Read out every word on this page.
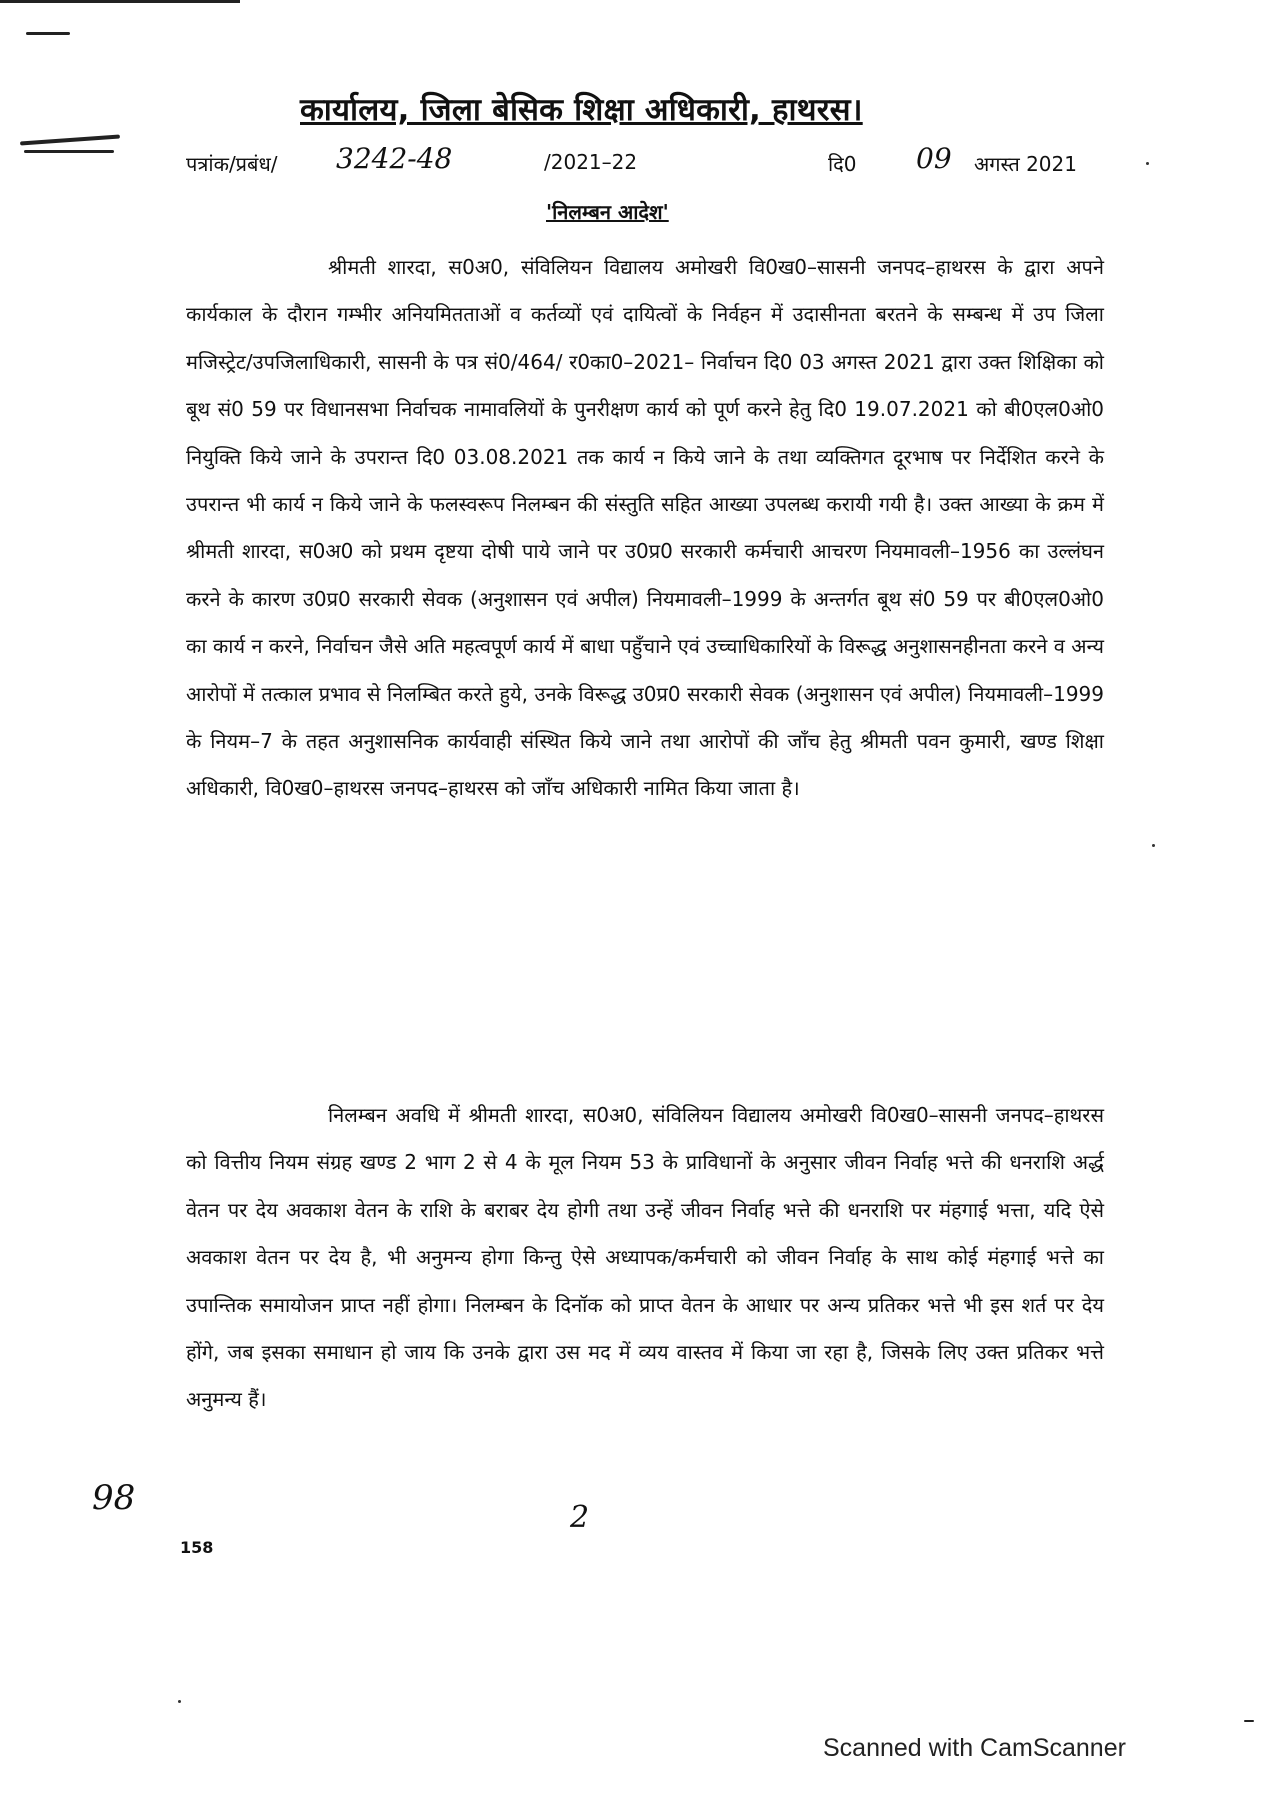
कार्यालय, जिला बेसिक शिक्षा अधिकारी, हाथरस।
पत्रांक/प्रबंध/ 3242-48	/2021–22	दि0 09 अगस्त 2021
'निलम्बन आदेश'

श्रीमती शारदा, स0अ0, संविलियन विद्यालय अमोखरी वि0ख0–सासनी जनपद–हाथरस के द्वारा अपने कार्यकाल के दौरान गम्भीर अनियमितताओं व कर्तव्यों एवं दायित्वों के निर्वहन में उदासीनता बरतने के सम्बन्ध में उप जिला मजिस्ट्रेट/उपजिलाधिकारी, सासनी के पत्र सं0/464/ र0का0–2021– निर्वाचन दि0 03 अगस्त 2021 द्वारा उक्त शिक्षिका को बूथ सं0 59 पर विधानसभा निर्वाचक नामावलियों के पुनरीक्षण कार्य को पूर्ण करने हेतु दि0 19.07.2021 को बी0एल0ओ0 नियुक्ति किये जाने के उपरान्त दि0 03.08.2021 तक कार्य न किये जाने के तथा व्यक्तिगत दूरभाष पर निर्देशित करने के उपरान्त भी कार्य न किये जाने के फलस्वरूप निलम्बन की संस्तुति सहित आख्या उपलब्ध करायी गयी है। उक्त आख्या के क्रम में श्रीमती शारदा, स0अ0 को प्रथम दृष्टया दोषी पाये जाने पर उ0प्र0 सरकारी कर्मचारी आचरण नियमावली–1956 का उल्लंघन करने के कारण उ0प्र0 सरकारी सेवक (अनुशासन एवं अपील) नियमावली–1999 के अन्तर्गत बूथ सं0 59 पर बी0एल0ओ0 का कार्य न करने, निर्वाचन जैसे अति महत्वपूर्ण कार्य में बाधा पहुँचाने एवं उच्चाधिकारियों के विरूद्ध अनुशासनहीनता करने व अन्य आरोपों में तत्काल प्रभाव से निलम्बित करते हुये, उनके विरूद्ध उ0प्र0 सरकारी सेवक (अनुशासन एवं अपील) नियमावली–1999 के नियम–7 के तहत अनुशासनिक कार्यवाही संस्थित किये जाने तथा आरोपों की जाँच हेतु श्रीमती पवन कुमारी, खण्ड शिक्षा अधिकारी, वि0ख0–हाथरस जनपद–हाथरस को जाँच अधिकारी नामित किया जाता है।

निलम्बन अवधि में श्रीमती शारदा, स0अ0, संविलियन विद्यालय अमोखरी वि0ख0–सासनी जनपद–हाथरस को वित्तीय नियम संग्रह खण्ड 2 भाग 2 से 4 के मूल नियम 53 के प्राविधानों के अनुसार जीवन निर्वाह भत्ते की धनराशि अर्द्ध वेतन पर देय अवकाश वेतन के राशि के बराबर देय होगी तथा उन्हें जीवन निर्वाह भत्ते की धनराशि पर मंहगाई भत्ता, यदि ऐसे अवकाश वेतन पर देय है, भी अनुमन्य होगा किन्तु ऐसे अध्यापक/कर्मचारी को जीवन निर्वाह के साथ कोई मंहगाई भत्ते का उपान्तिक समायोजन प्राप्त नहीं होगा। निलम्बन के दिनॉक को प्राप्त वेतन के आधार पर अन्य प्रतिकर भत्ते भी इस शर्त पर देय होंगे, जब इसका समाधान हो जाय कि उनके द्वारा उस मद में व्यय वास्तव में किया जा रहा है, जिसके लिए उक्त प्रतिकर भत्ते अनुमन्य हैं।

98	2
158
Scanned with CamScanner
